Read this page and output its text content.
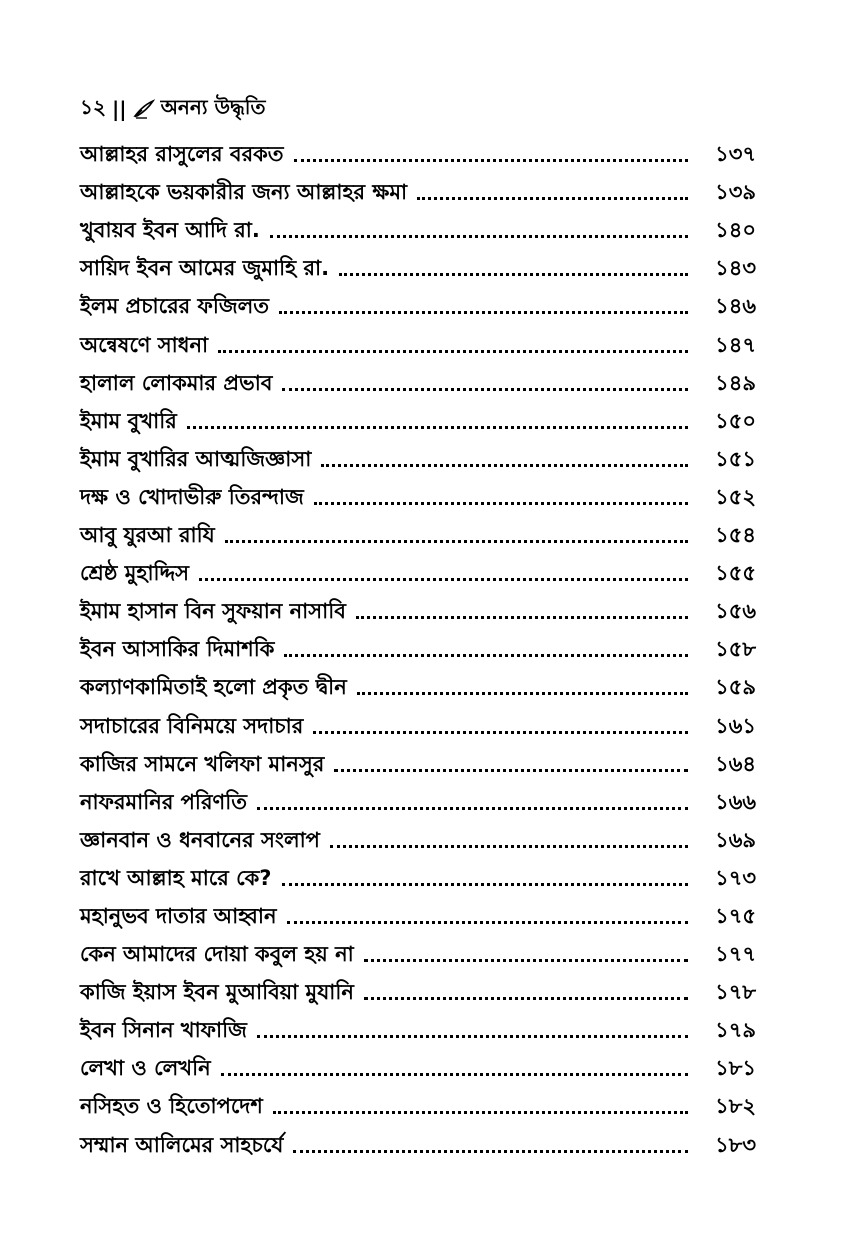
১২ || অনন্য উদ্ধৃতি
আল্লাহর রাসুলের বরকত	১৩৭
আল্লাহকে ভয়কারীর জন্য আল্লাহর ক্ষমা	১৩৯
খুবায়ব ইবন আদি রা.	১৪০
সায়িদ ইবন আমের জুমাহি রা.	১৪৩
ইলম প্রচারের ফজিলত	১৪৬
অন্বেষণে সাধনা	১৪৭
হালাল লোকমার প্রভাব	১৪৯
ইমাম বুখারি	১৫০
ইমাম বুখারির আত্মজিজ্ঞাসা	১৫১
দক্ষ ও খোদাভীরু তিরন্দাজ	১৫২
আবু যুরআ রাযি	১৫৪
শ্রেষ্ঠ মুহাদ্দিস	১৫৫
ইমাম হাসান বিন সুফয়ান নাসাবি	১৫৬
ইবন আসাকির দিমাশকি	১৫৮
কল্যাণকামিতাই হলো প্রকৃত দ্বীন	১৫৯
সদাচারের বিনিময়ে সদাচার	১৬১
কাজির সামনে খলিফা মানসুর	১৬৪
নাফরমানির পরিণতি	১৬৬
জ্ঞানবান ও ধনবানের সংলাপ	১৬৯
রাখে আল্লাহ মারে কে?	১৭৩
মহানুভব দাতার আহ্বান	১৭৫
কেন আমাদের দোয়া কবুল হয় না	১৭৭
কাজি ইয়াস ইবন মুআবিয়া মুযানি	১৭৮
ইবন সিনান খাফাজি	১৭৯
লেখা ও লেখনি	১৮১
নসিহত ও হিতোপদেশ	১৮২
সম্মান আলিমের সাহচর্যে	১৮৩
